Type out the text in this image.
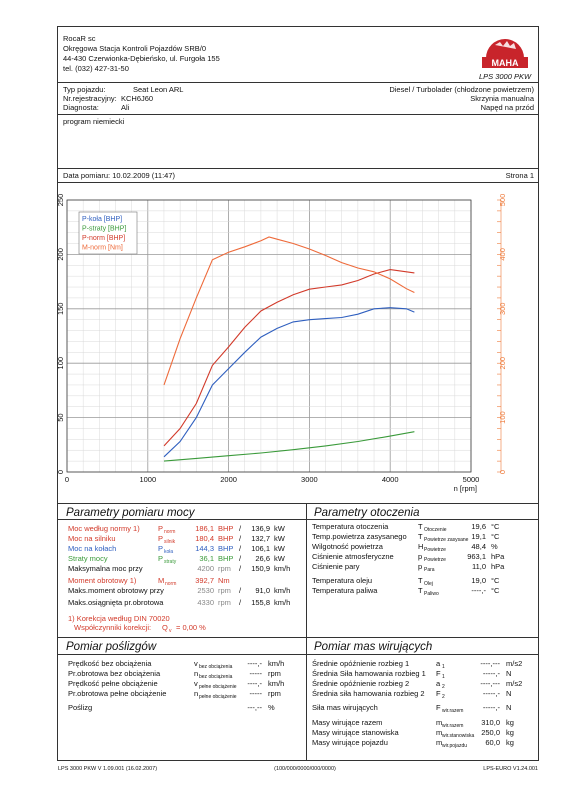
RocaR sc
Okręgowa Stacja Kontroli Pojazdów SRB/0
44-430 Czerwionka-Dębieńsko, ul. Furgoła 155
tel. (032) 427-31-50
MAHA
LPS 3000 PKW
Typ pojazdu:	Seat Leon ARL
Nr.rejestracyjny: KCH6J60
Diagnosta:	Ali
Diesel / Turbolader (chłodzone powietrzem)
Skrzynia manualna
Napęd na przód
program niemiecki
Data pomiaru: 10.02.2009 (11:47)	Strona 1
0	1000	2000	3000	4000	5000
n [rpm]
0
50
100
150
200
250
0
100
200
300
400
500
P-koła [BHP]
P-straty [BHP]
P-norm [BHP]
M-norm [Nm]
Parametry pomiaru mocy
Moc według normy 1) P norm	186,1 BHP /	136,9 kW
Moc na silniku	P silnik	180,4 BHP /	132,7 kW
Moc na kołach	P koła	144,3 BHP /	106,1 kW
Straty mocy	P straty	36,1 BHP /	26,6 kW
Maksymalna moc przy	4200 rpm /	150,9 km/h
Moment obrotowy 1)	M norm	392,7 Nm
Maks.moment obrotowy przy	2530 rpm /	91,0 km/h
Maks.osiągnięta pr.obrotowa	4330 rpm /	155,8 km/h
1) Korekcja według DIN 70020
Współczynniki korekcji: Q v = 0,00 %
Parametry otoczenia
Temperatura otoczenia	T Otoczenie	19,6 °C
Temp.powietrza zasysanego T Powietrze zasysane 19,1 °C
Wilgotność powietrza	H Powietrze	48,4 %
Ciśnienie atmosferyczne	p Powietrze	963,1 hPa
Ciśnienie pary	p Para	11,0 hPa
Temperatura oleju	T Olej	19,0 °C
Temperatura paliwa	T Paliwo	----,- °C
Pomiar poślizgów
Prędkość bez obciążenia	v bez obciążenia	----,- km/h
Pr.obrotowa bez obciążenia	n bez obciążenia	----- rpm
Prędkość pełne obciążenie	v pełne obciążenie	----,- km/h
Pr.obrotowa pełne obciążenie	n pełne obciążenie	----- rpm
Poślizg	---,-- %
Pomiar mas wirujących
Średnie opóźnienie rozbieg 1	a 1	----,--- m/s2
Średnia Siła hamowania rozbieg 1 F 1	-----,- N
Średnie opóźnienie rozbieg 2	a 2	----,--- m/s2
Średnia siła hamowania rozbieg 2 F 2	-----,- N
Siła mas wirujących	F wir.razem	-----,- N
Masy wirujące razem	m wir.razem	310,0 kg
Masy wirujące stanowiska	m wir.stanowiska 250,0 kg
Masy wirujące pojazdu	m wir.pojazdu	60,0 kg
LPS 3000 PKW V 1.09.001 (16.02.2007)	(100/000/0000/000/0000)	LPS-EURO V1.24.001
